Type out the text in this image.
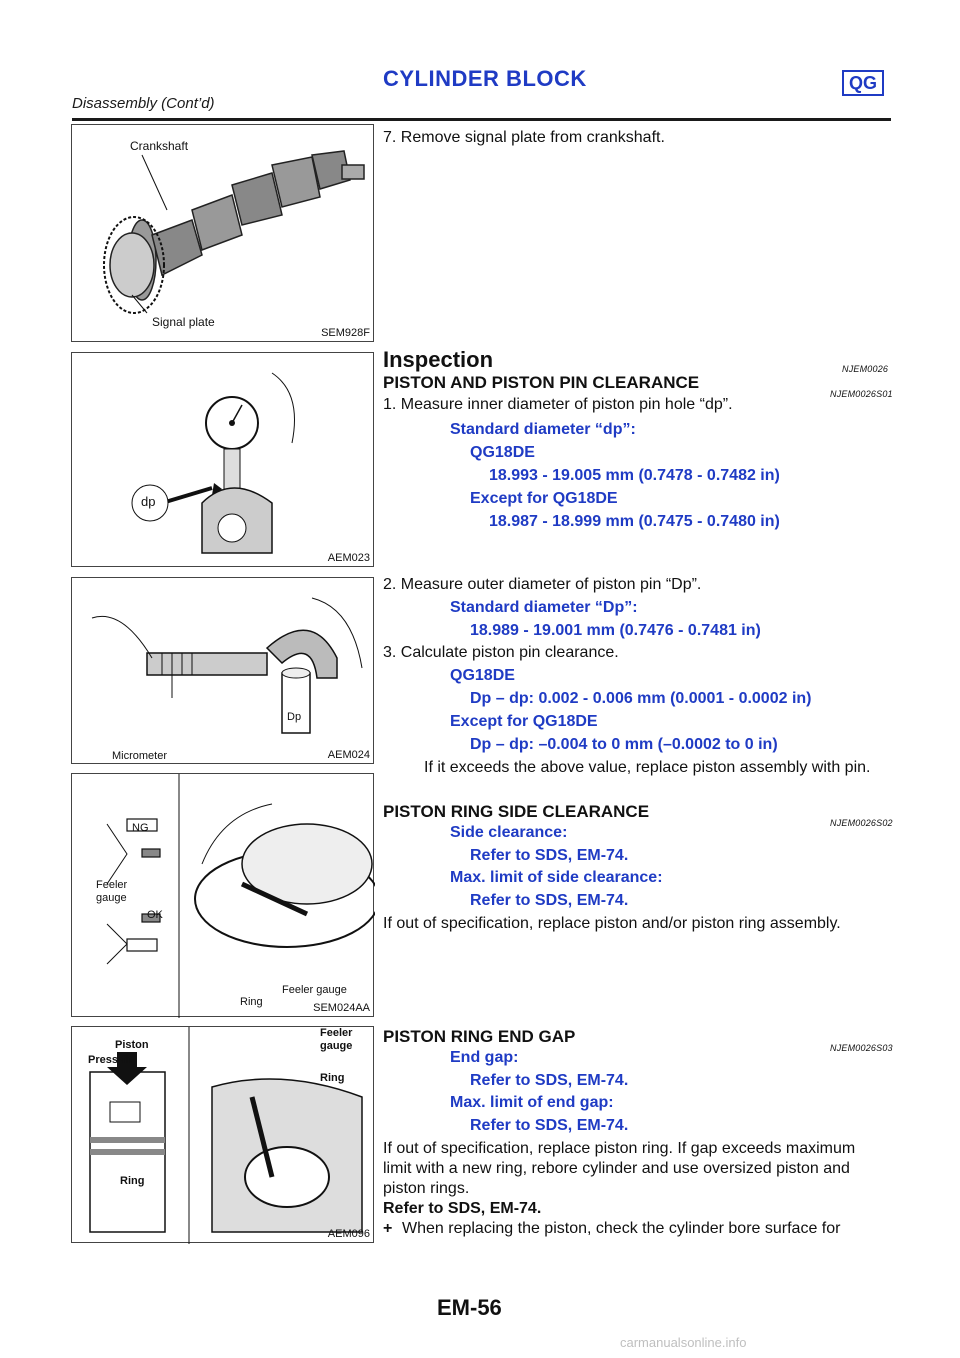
CYLINDER BLOCK	QG
Disassembly (Cont’d)
Crankshaft
Signal plate
SEM928F
dp
AEM023
Dp
Micrometer	AEM024
NG
Feeler gauge
OK
Feeler gauge
Ring	SEM024AA
Piston
Press-fit
Ring
Feeler gauge
Ring
AEM096
7. Remove signal plate from crankshaft.
Inspection	NJEM0026
PISTON AND PISTON PIN CLEARANCE
NJEM0026S01
1. Measure inner diameter of piston pin hole “dp”.
Standard diameter “dp”:
QG18DE
18.993 - 19.005 mm (0.7478 - 0.7482 in)
Except for QG18DE
18.987 - 18.999 mm (0.7475 - 0.7480 in)
2. Measure outer diameter of piston pin “Dp”.
Standard diameter “Dp”:
18.989 - 19.001 mm (0.7476 - 0.7481 in)
3. Calculate piston pin clearance.
QG18DE
Dp – dp: 0.002 - 0.006 mm (0.0001 - 0.0002 in)
Except for QG18DE
Dp – dp: –0.004 to 0 mm (–0.0002 to 0 in)
If it exceeds the above value, replace piston assembly with pin.
PISTON RING SIDE CLEARANCE
NJEM0026S02
Side clearance:
Refer to SDS, EM-74.
Max. limit of side clearance:
Refer to SDS, EM-74.
If out of specification, replace piston and/or piston ring assembly.
PISTON RING END GAP
NJEM0026S03
End gap:
Refer to SDS, EM-74.
Max. limit of end gap:
Refer to SDS, EM-74.
If out of specification, replace piston ring. If gap exceeds maximum
limit with a new ring, rebore cylinder and use oversized piston and
piston rings.
Refer to SDS, EM-74.
+ When replacing the piston, check the cylinder bore surface for
EM-56
carmanualsonline.info
